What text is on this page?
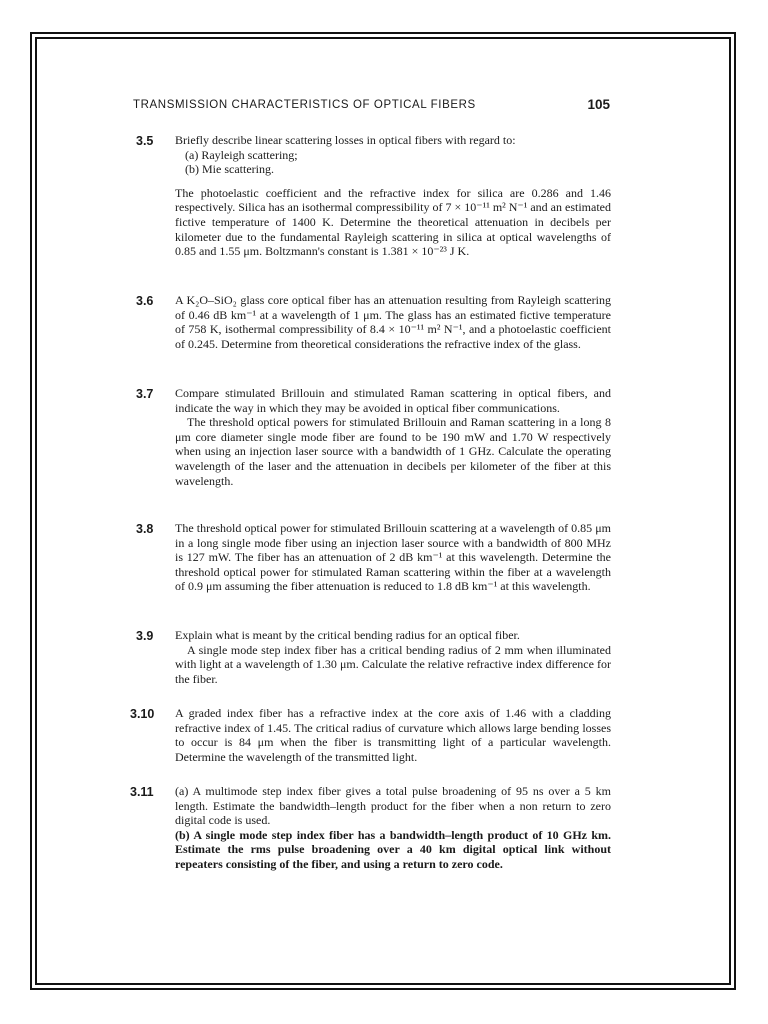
TRANSMISSION CHARACTERISTICS OF OPTICAL FIBERS	105
3.5 Briefly describe linear scattering losses in optical fibers with regard to:

(a) Rayleigh scattering;

(b) Mie scattering.

The photoelastic coefficient and the refractive index for silica are 0.286 and 1.46 respectively. Silica has an isothermal compressibility of 7 × 10⁻¹¹ m² N⁻¹ and an estimated fictive temperature of 1400 K. Determine the theoretical attenuation in decibels per kilometer due to the fundamental Rayleigh scattering in silica at optical wavelengths of 0.85 and 1.55 μm. Boltzmann's constant is 1.381 × 10⁻²³ J K.

3.6 A K₂O–SiO₂ glass core optical fiber has an attenuation resulting from Rayleigh scattering of 0.46 dB km⁻¹ at a wavelength of 1 μm. The glass has an estimated fictive temperature of 758 K, isothermal compressibility of 8.4 × 10⁻¹¹ m² N⁻¹, and a photoelastic coefficient of 0.245. Determine from theoretical considerations the refractive index of the glass.

3.7 Compare stimulated Brillouin and stimulated Raman scattering in optical fibers, and indicate the way in which they may be avoided in optical fiber communications.

The threshold optical powers for stimulated Brillouin and Raman scattering in a long 8 μm core diameter single mode fiber are found to be 190 mW and 1.70 W respectively when using an injection laser source with a bandwidth of 1 GHz. Calculate the operating wavelength of the laser and the attenuation in decibels per kilometer of the fiber at this wavelength.

3.8 The threshold optical power for stimulated Brillouin scattering at a wavelength of 0.85 μm in a long single mode fiber using an injection laser source with a bandwidth of 800 MHz is 127 mW. The fiber has an attenuation of 2 dB km⁻¹ at this wavelength. Determine the threshold optical power for stimulated Raman scattering within the fiber at a wavelength of 0.9 μm assuming the fiber attenuation is reduced to 1.8 dB km⁻¹ at this wavelength.

3.9 Explain what is meant by the critical bending radius for an optical fiber.

A single mode step index fiber has a critical bending radius of 2 mm when illuminated with light at a wavelength of 1.30 μm. Calculate the relative refractive index difference for the fiber.

3.10 A graded index fiber has a refractive index at the core axis of 1.46 with a cladding refractive index of 1.45. The critical radius of curvature which allows large bending losses to occur is 84 μm when the fiber is transmitting light of a particular wavelength. Determine the wavelength of the transmitted light.

3.11 (a) A multimode step index fiber gives a total pulse broadening of 95 ns over a 5 km length. Estimate the bandwidth–length product for the fiber when a non return to zero digital code is used.

(b) A single mode step index fiber has a bandwidth–length product of 10 GHz km. Estimate the rms pulse broadening over a 40 km digital optical link without repeaters consisting of the fiber, and using a return to zero code.
